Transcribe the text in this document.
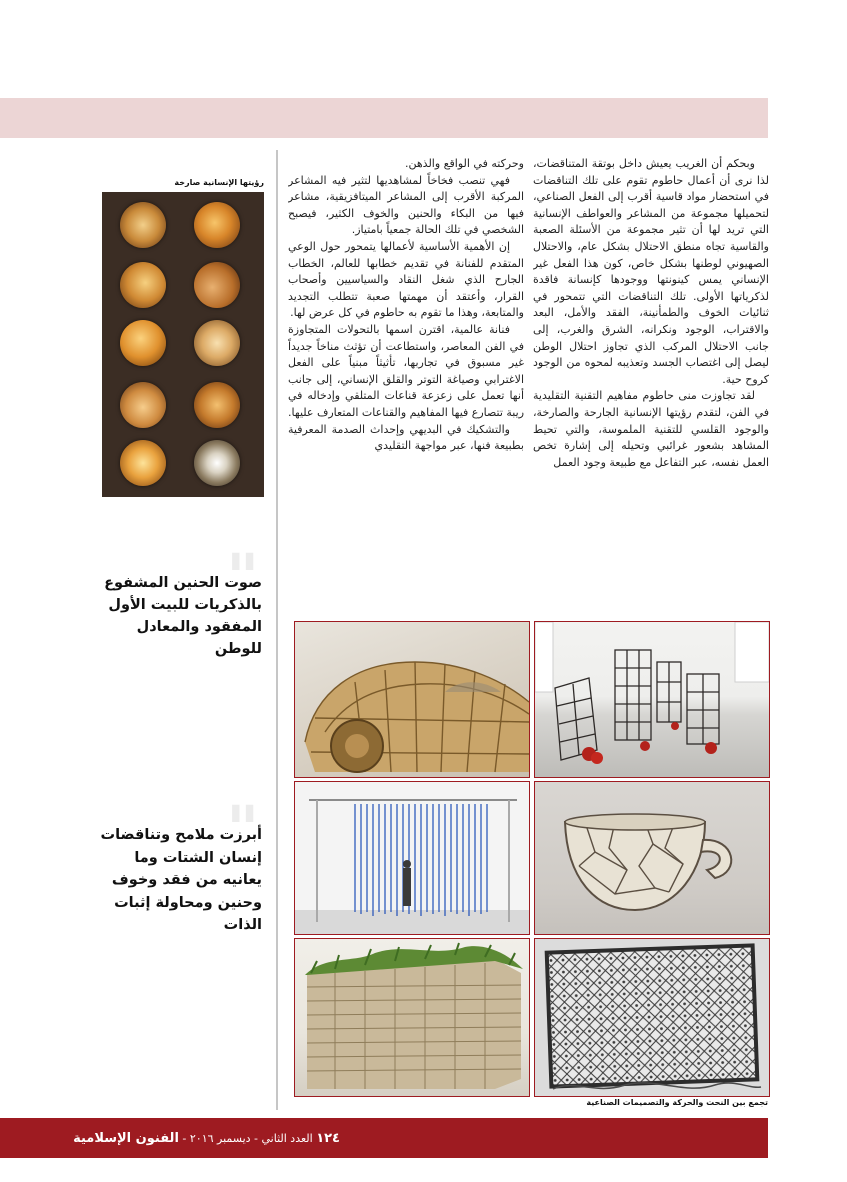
وبحكم أن الغريب يعيش داخل بوتقة المتناقضات، لذا نرى أن أعمال حاطوم تقوم على تلك التناقضات في استحضار مواد قاسية أقرب إلى الفعل الصناعي، لتحميلها مجموعة من المشاعر والعواطف الإنسانية التي تريد لها أن تثير مجموعة من الأسئلة الصعبة والقاسية تجاه منطق الاحتلال بشكل عام، والاحتلال الصهيوني لوطنها بشكل خاص، كون هذا الفعل غير الإنساني يمس كينونتها ووجودها كإنسانة فاقدة لذكرياتها الأولى. تلك التناقضات التي تتمحور في ثنائيات الخوف والطمأنينة، الفقد والأمل، البعد والاقتراب، الوجود ونكرانه، الشرق والغرب، إلى جانب الاحتلال المركب الذي تجاوز احتلال الوطن ليصل إلى اغتصاب الجسد وتعذيبه لمحوه من الوجود كروح حية.

لقد تجاوزت منى حاطوم مفاهيم التقنية التقليدية في الفن، لتقدم رؤيتها الإنسانية الجارحة والصارخة، والوجود القلسي للتقنية الملموسة، والتي تحيط المشاهد بشعور غرائبي وتحيله إلى إشارة تخص العمل نفسه، عبر التفاعل مع طبيعة وجود العمل

وحركته في الواقع والذهن.

فهي تنصب فخاخاً لمشاهديها لتثير فيه المشاعر المركبة الأقرب إلى المشاعر الميتافزيقية، مشاعر فيها من البكاء والحنين والخوف الكثير، فيصبح الشخصي في تلك الحالة جمعياً بامتياز.

إن الأهمية الأساسية لأعمالها يتمحور حول الوعي المتقدم للفنانة في تقديم خطابها للعالم، الخطاب الجارح الذي شغل النقاد والسياسيين وأصحاب القرار، وأعتقد أن مهمتها صعبة تتطلب التجديد والمتابعة، وهذا ما تقوم به حاطوم في كل عرض لها.

فنانة عالمية، اقترن اسمها بالتحولات المتجاوزة في الفن المعاصر، واستطاعت أن تؤثث مناخاً جديداً غير مسبوق في تجاربها، تأثيثاً مبنياً على الفعل الاغترابي وصياغة التوتر والقلق الإنساني، إلى جانب أنها تعمل على زعزعة قناعات المتلقي وإدخاله في ريبة تتصارع فيها المفاهيم والقناعات المتعارف عليها.

والتشكيك في البديهي وإحداث الصدمة المعرفية بطبيعة فنها، عبر مواجهة التقليدي

رؤيتها الإنسانية صارخة
"
صوت الحنين المشفوع بالذكريات للبيت الأول المفقود والمعادل للوطن
"
أبرزت ملامح وتناقضات إنسان الشتات وما يعانيه من فقد وخوف وحنين ومحاولة إثبات الذات
تجمع بين النحت والحركة والتصميمات الصناعية
١٢٤ العدد الثاني - ديسمبر ٢٠١٦ - الفنون الإسلامية
